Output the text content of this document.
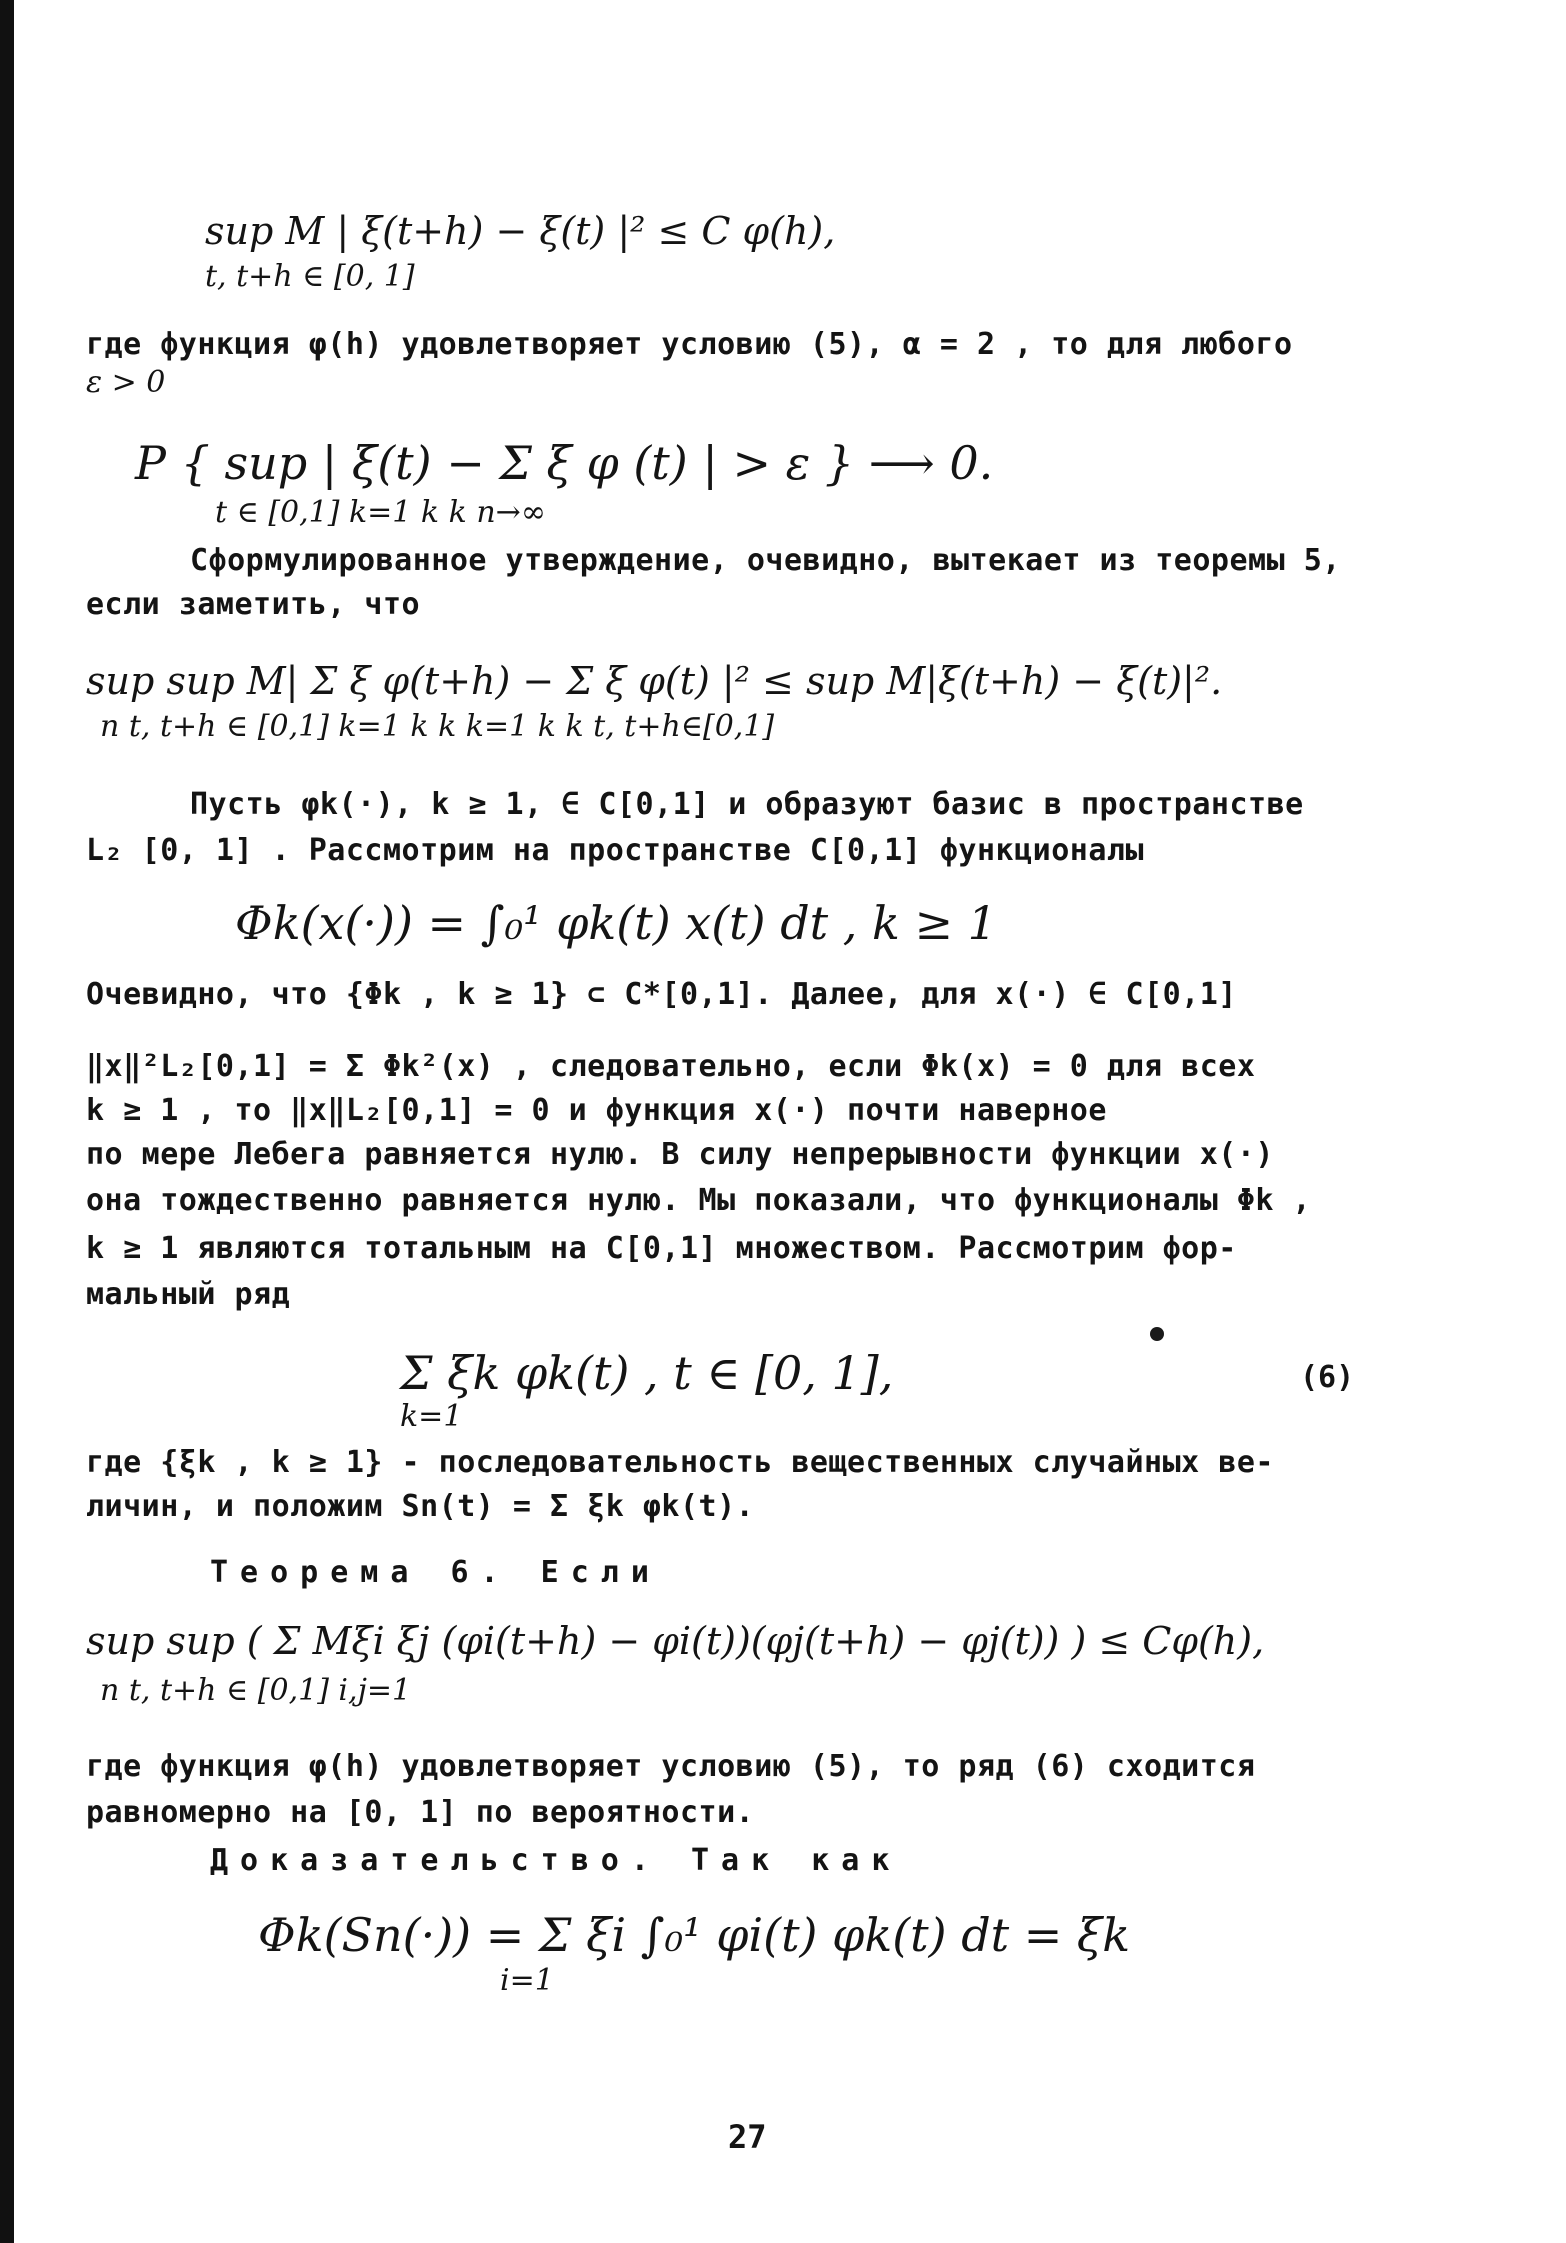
sup M | ξ(t+h) − ξ(t) |² ≤ C φ(h),
t, t+h ∈ [0, 1]
где функция φ(h) удовлетворяет условию (5), α = 2 , то для любого
ε > 0
P { sup | ξ(t) − Σ ξ φ (t) | > ε } ⟶ 0.
t ∈ [0,1] k=1 k k n→∞
Сформулированное утверждение, очевидно, вытекает из теоремы 5,
если заметить, что
sup sup M| Σ ξ φ(t+h) − Σ ξ φ(t) |² ≤ sup M|ξ(t+h) − ξ(t)|².
n t, t+h ∈ [0,1] k=1 k k k=1 k k t, t+h∈[0,1]
Пусть φk(·), k ≥ 1, ∈ C[0,1] и образуют базис в пространстве
L₂ [0, 1] . Рассмотрим на пространстве C[0,1] функционалы
Φk(x(·)) = ∫₀¹ φk(t) x(t) dt , k ≥ 1
Очевидно, что {Φk , k ≥ 1} ⊂ C*[0,1]. Далее, для x(·) ∈ C[0,1]
‖x‖²L₂[0,1] = Σ Φk²(x) , следовательно, если Φk(x) = 0 для всех
k ≥ 1 , то ‖x‖L₂[0,1] = 0 и функция x(·) почти наверное
по мере Лебега равняется нулю. В силу непрерывности функции x(·)
она тождественно равняется нулю. Мы показали, что функционалы Φk ,
k ≥ 1 являются тотальным на C[0,1] множеством. Рассмотрим фор-
мальный ряд
Σ ξk φk(t) , t ∈ [0, 1],
k=1
(6)
где {ξk , k ≥ 1} - последовательность вещественных случайных ве-
личин, и положим Sn(t) = Σ ξk φk(t).
Теорема 6. Если
sup sup ( Σ Mξi ξj (φi(t+h) − φi(t))(φj(t+h) − φj(t)) ) ≤ Cφ(h),
n t, t+h ∈ [0,1] i,j=1
где функция φ(h) удовлетворяет условию (5), то ряд (6) сходится
равномерно на [0, 1] по вероятности.
Доказательство. Так как
Φk(Sn(·)) = Σ ξi ∫₀¹ φi(t) φk(t) dt = ξk
i=1
27
